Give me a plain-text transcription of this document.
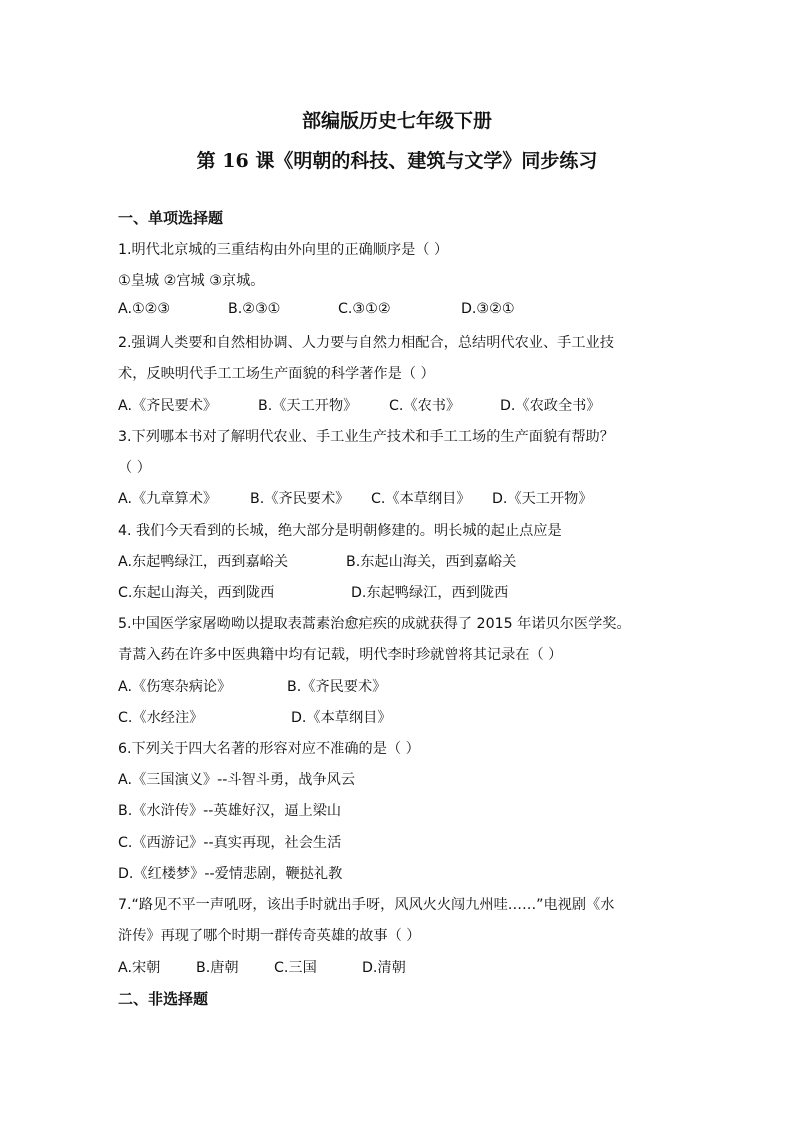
部编版历史七年级下册
第 16 课《明朝的科技、建筑与文学》同步练习
一、单项选择题
1.明代北京城的三重结构由外向里的正确顺序是（ ）
①皇城 ②宫城 ③京城。
A.①②③	B.②③①	C.③①②	D.③②①
2.强调人类要和自然相协调、人力要与自然力相配合，总结明代农业、手工业技
术，反映明代手工工场生产面貌的科学著作是（ ）
A.《齐民要术》	B.《天工开物》 C.《农书》	D.《农政全书》
3.下列哪本书对了解明代农业、手工业生产技术和手工工场的生产面貌有帮助？
（ ）
A.《九章算术》 B.《齐民要术》 C.《本草纲目》 D.《天工开物》
4. 我们今天看到的长城，绝大部分是明朝修建的。明长城的起止点应是
A.东起鸭绿江，西到嘉峪关	B.东起山海关，西到嘉峪关
C.东起山海关，西到陇西	D.东起鸭绿江，西到陇西
5.中国医学家屠呦呦以提取表蒿素治愈疟疾的成就获得了 2015 年诺贝尔医学奖。
青蒿入药在许多中医典籍中均有记载，明代李时珍就曾将其记录在（ ）
A.《伤寒杂病论》	B.《齐民要术》
C.《水经注》	D.《本草纲目》
6.下列关于四大名著的形容对应不准确的是（ ）
A.《三国演义》--斗智斗勇，战争风云
B.《水浒传》--英雄好汉，逼上梁山
C.《西游记》--真实再现，社会生活
D.《红楼梦》--爱情悲剧，鞭挞礼教
7.“路见不平一声吼呀，该出手时就出手呀，风风火火闯九州哇……”电视剧《水
浒传》再现了哪个时期一群传奇英雄的故事（ ）
A.宋朝	B.唐朝 C.三国	D.清朝
二、非选择题
